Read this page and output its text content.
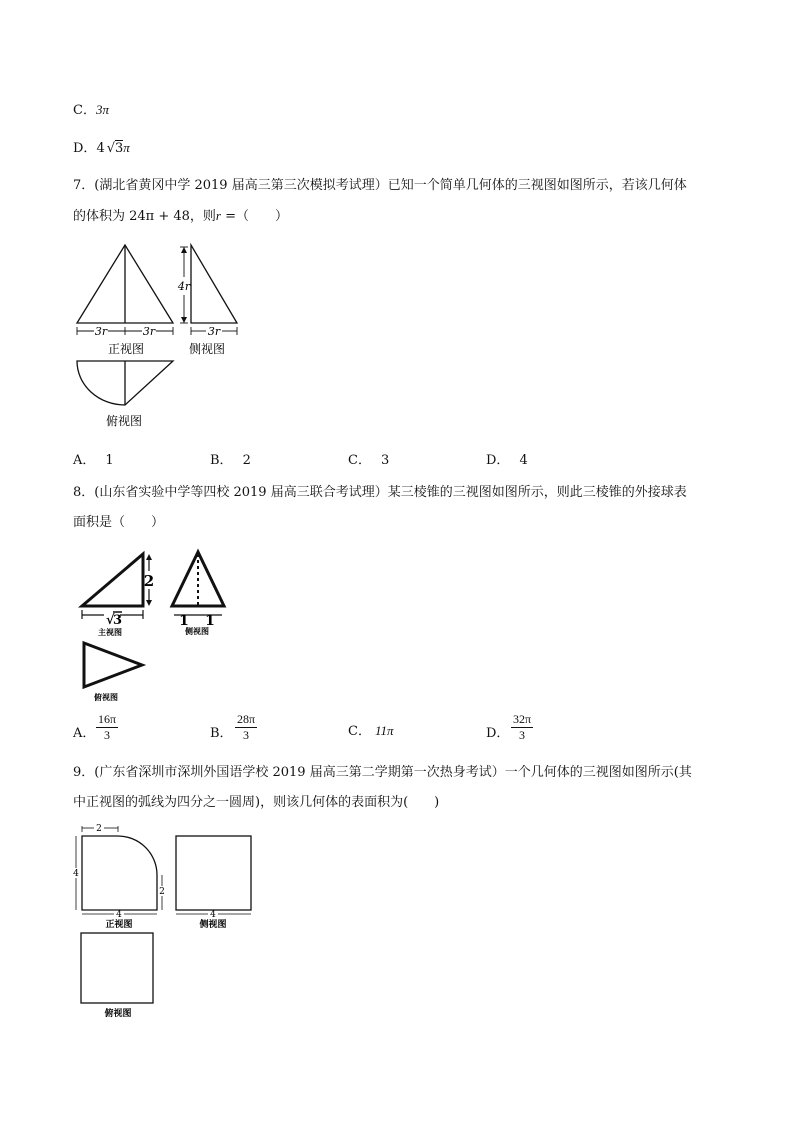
C．3π
D．4 √3π
7．(湖北省黄冈中学 2019 届高三第三次模拟考试理）已知一个简单几何体的三视图如图所示，若该几何体
的体积为 24π + 48，则r =（　　）
3r	3r
正视图
4r
3r
侧视图
俯视图
A． 1	B． 2	C． 3	D． 4
8．(山东省实验中学等四校 2019 届高三联合考试理）某三棱锥的三视图如图所示，则此三棱锥的外接球表
面积是（　　）
2
√
3
主视图
1 1
侧视图
俯视图
A． $\frac{16\pi}{3}$	B． $\frac{28\pi}{3}$	C． 11π	D． $\frac{32\pi}{3}$
9．(广东省深圳市深圳外国语学校 2019 届高三第二学期第一次热身考试）一个几何体的三视图如图所示(其
中正视图的弧线为四分之一圆周)，则该几何体的表面积为(　　)
2
4
2
4
正视图
4
侧视图
俯视图
